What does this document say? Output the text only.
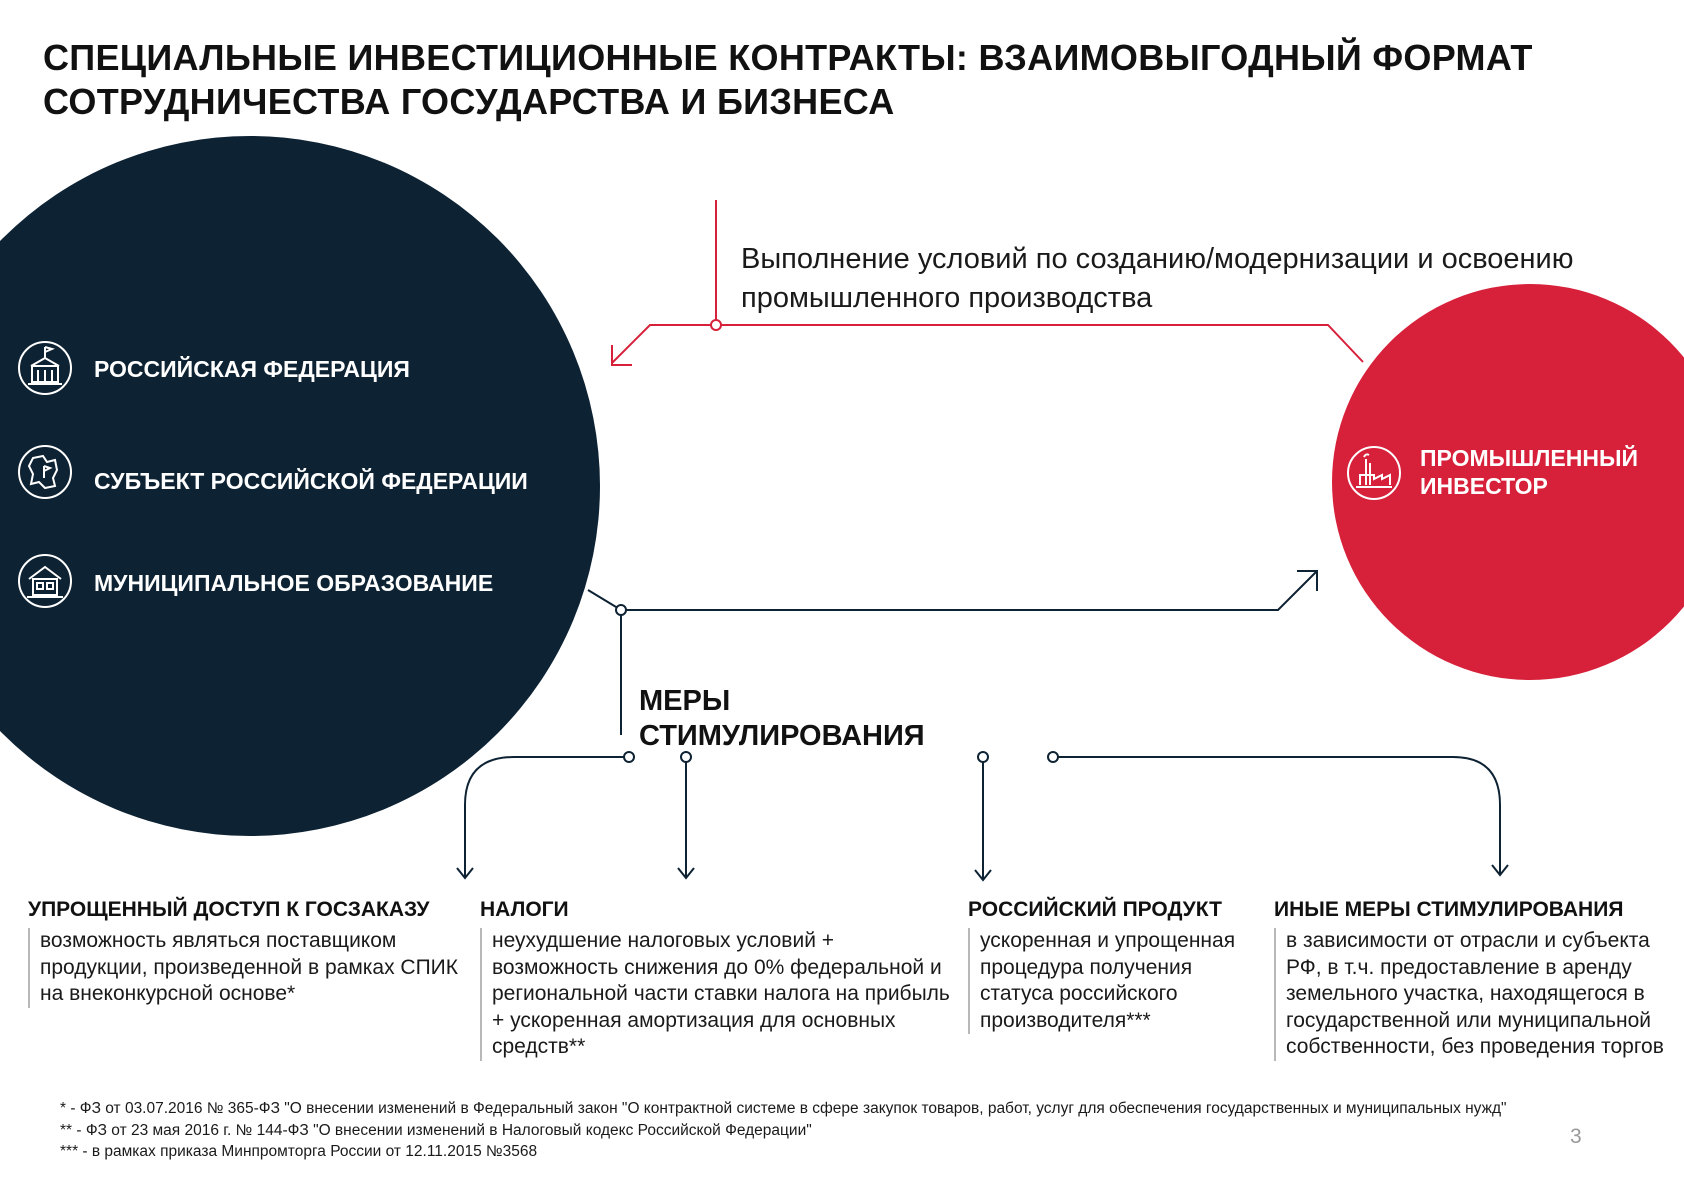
СПЕЦИАЛЬНЫЕ ИНВЕСТИЦИОННЫЕ КОНТРАКТЫ: ВЗАИМОВЫГОДНЫЙ ФОРМАТ СОТРУДНИЧЕСТВА ГОСУДАРСТВА И БИЗНЕСА
РОССИЙСКАЯ ФЕДЕРАЦИЯ
СУБЪЕКТ РОССИЙСКОЙ ФЕДЕРАЦИИ
МУНИЦИПАЛЬНОЕ ОБРАЗОВАНИЕ
ПРОМЫШЛЕННЫЙ
ИНВЕСТОР
Выполнение условий по созданию/модернизации и освоению промышленного производства
МЕРЫ
СТИМУЛИРОВАНИЯ
УПРОЩЕННЫЙ ДОСТУП К ГОСЗАКАЗУ
возможность являться поставщиком продукции, произведенной в рамках СПИК на внеконкурсной основе*
НАЛОГИ
неухудшение налоговых условий + возможность снижения до 0% федеральной и региональной части ставки налога на прибыль + ускоренная амортизация для основных средств**
РОССИЙСКИЙ ПРОДУКТ
ускоренная и упрощенная процедура получения статуса российского производителя***
ИНЫЕ МЕРЫ СТИМУЛИРОВАНИЯ
в зависимости от отрасли и субъекта РФ, в т.ч. предоставление в аренду земельного участка, находящегося в государственной или муниципальной собственности, без проведения торгов
* - ФЗ от 03.07.2016 № 365-ФЗ "О внесении изменений в Федеральный закон "О контрактной системе в сфере закупок товаров, работ, услуг для обеспечения государственных и муниципальных нужд"
** - ФЗ от 23 мая 2016 г. № 144-ФЗ "О внесении изменений в Налоговый кодекс Российской Федерации"
*** - в рамках приказа Минпромторга России от 12.11.2015 №3568
3
